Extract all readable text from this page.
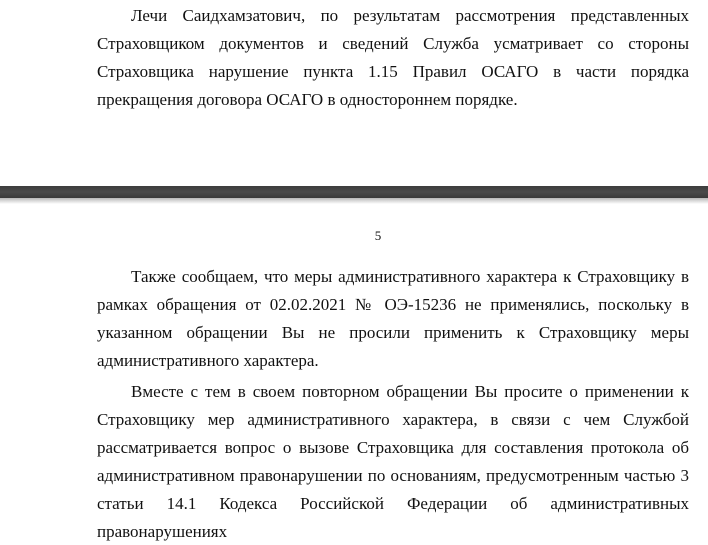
Лечи Саидхамзатович, по результатам рассмотрения представленных Страховщиком документов и сведений Служба усматривает со стороны Страховщика нарушение пункта 1.15 Правил ОСАГО в части порядка прекращения договора ОСАГО в одностороннем порядке.

5

Также сообщаем, что меры административного характера к Страховщику в рамках обращения от 02.02.2021 № ОЭ-15236 не применялись, поскольку в указанном обращении Вы не просили применить к Страховщику меры административного характера.

Вместе с тем в своем повторном обращении Вы просите о применении к Страховщику мер административного характера, в связи с чем Службой рассматривается вопрос о вызове Страховщика для составления протокола об административном правонарушении по основаниям, предусмотренным частью 3 статьи 14.1 Кодекса Российской Федерации об административных правонарушениях
